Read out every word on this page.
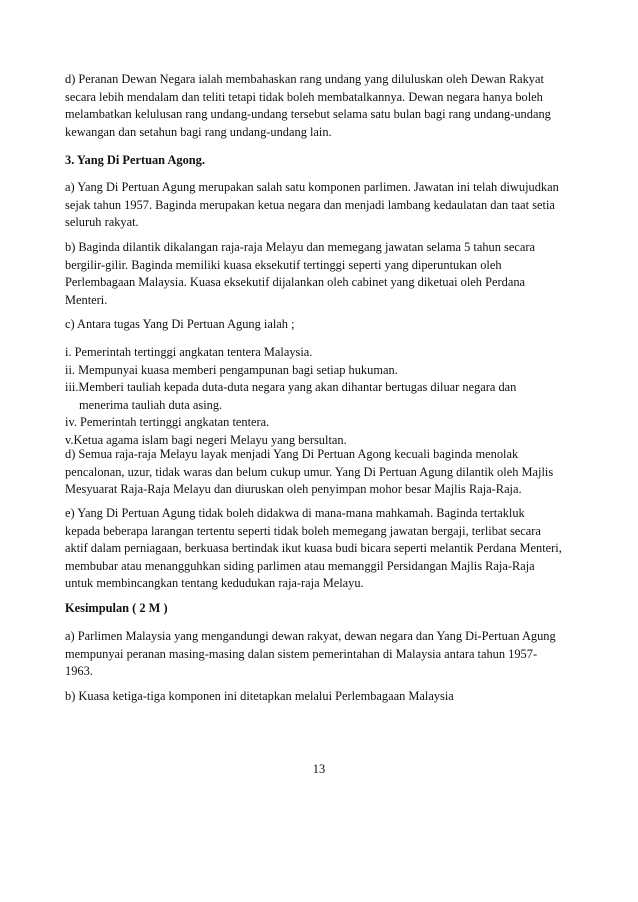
d) Peranan Dewan Negara ialah membahaskan rang undang yang diluluskan oleh Dewan Rakyat
secara lebih mendalam dan teliti tetapi tidak boleh membatalkannya. Dewan negara hanya boleh
melambatkan kelulusan rang undang-undang tersebut selama satu bulan bagi rang undang-undang
kewangan dan setahun bagi rang undang-undang lain.
3. Yang Di Pertuan Agong.
a) Yang Di Pertuan Agung merupakan salah satu komponen parlimen. Jawatan ini telah diwujudkan
sejak tahun 1957. Baginda merupakan ketua negara dan menjadi lambang kedaulatan dan taat setia
seluruh rakyat.
b) Baginda dilantik dikalangan raja-raja Melayu dan memegang jawatan selama 5 tahun secara
bergilir-gilir. Baginda memiliki kuasa eksekutif tertinggi seperti yang diperuntukan oleh
Perlembagaan Malaysia. Kuasa eksekutif dijalankan oleh cabinet yang diketuai oleh Perdana
Menteri.
c) Antara tugas Yang Di Pertuan Agung ialah ;
i. Pemerintah tertinggi angkatan tentera Malaysia.
ii. Mempunyai kuasa memberi pengampunan bagi setiap hukuman.
iii.Memberi tauliah kepada duta-duta negara yang akan dihantar bertugas diluar negara dan
menerima tauliah duta asing.
iv. Pemerintah tertinggi angkatan tentera.
v.Ketua agama islam bagi negeri Melayu yang bersultan.
d) Semua raja-raja Melayu layak menjadi Yang Di Pertuan Agong kecuali baginda menolak
pencalonan, uzur, tidak waras dan belum cukup umur. Yang Di Pertuan Agung dilantik oleh Majlis
Mesyuarat Raja-Raja Melayu dan diuruskan oleh penyimpan mohor besar Majlis Raja-Raja.
e) Yang Di Pertuan Agung tidak boleh didakwa di mana-mana mahkamah. Baginda tertakluk
kepada beberapa larangan tertentu seperti tidak boleh memegang jawatan bergaji, terlibat secara
aktif dalam perniagaan, berkuasa bertindak ikut kuasa budi bicara seperti melantik Perdana Menteri,
membubar atau menangguhkan siding parlimen atau memanggil Persidangan Majlis Raja-Raja
untuk membincangkan tentang kedudukan raja-raja Melayu.
Kesimpulan ( 2 M )
a) Parlimen Malaysia yang mengandungi dewan rakyat, dewan negara dan Yang Di-Pertuan Agung
mempunyai peranan masing-masing dalan sistem pemerintahan di Malaysia antara tahun 1957-
1963.
b) Kuasa ketiga-tiga komponen ini ditetapkan melalui Perlembagaan Malaysia
13
